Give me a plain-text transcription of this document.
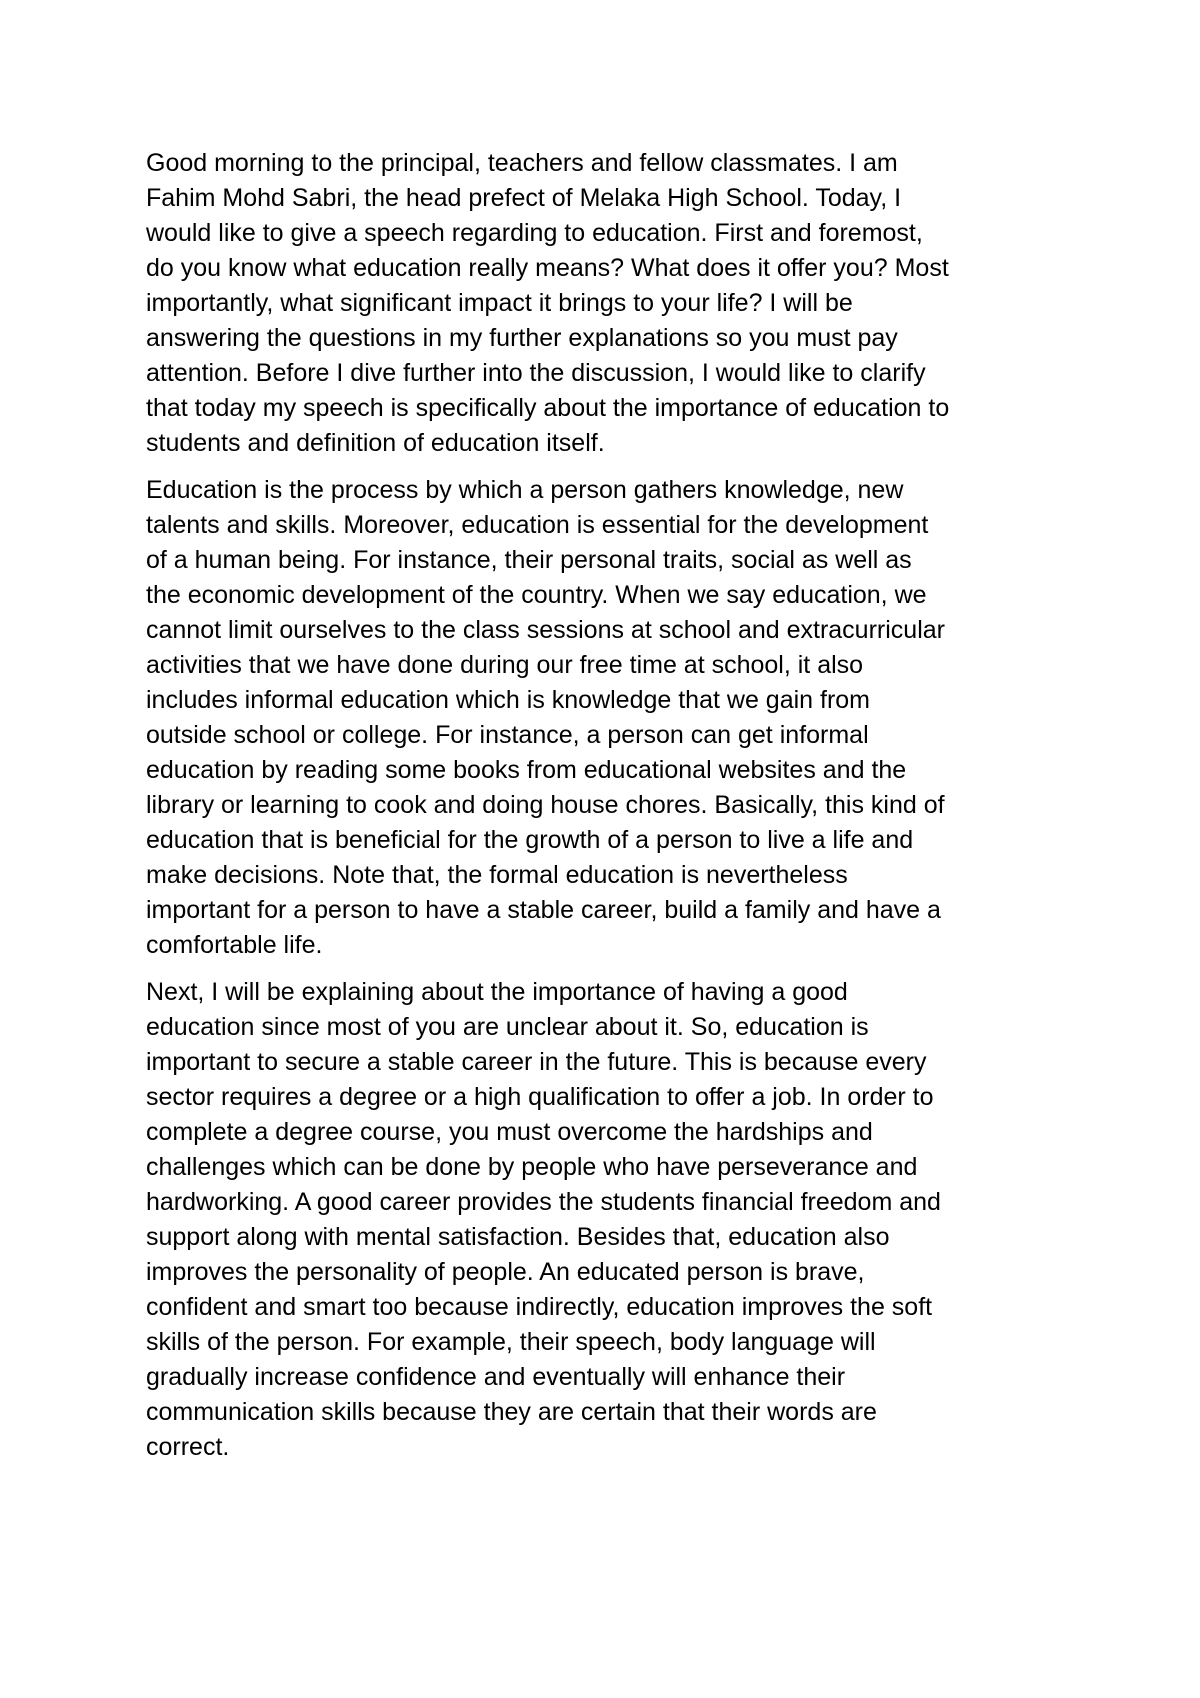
Good morning to the principal, teachers and fellow classmates. I am
Fahim Mohd Sabri, the head prefect of Melaka High School. Today, I
would like to give a speech regarding to education. First and foremost,
do you know what education really means? What does it offer you? Most
importantly, what significant impact it brings to your life? I will be
answering the questions in my further explanations so you must pay
attention. Before I dive further into the discussion, I would like to clarify
that today my speech is specifically about the importance of education to
students and definition of education itself.

Education is the process by which a person gathers knowledge, new
talents and skills. Moreover, education is essential for the development
of a human being. For instance, their personal traits, social as well as
the economic development of the country. When we say education, we
cannot limit ourselves to the class sessions at school and extracurricular
activities that we have done during our free time at school, it also
includes informal education which is knowledge that we gain from
outside school or college. For instance, a person can get informal
education by reading some books from educational websites and the
library or learning to cook and doing house chores. Basically, this kind of
education that is beneficial for the growth of a person to live a life and
make decisions. Note that, the formal education is nevertheless
important for a person to have a stable career, build a family and have a
comfortable life.

Next, I will be explaining about the importance of having a good
education since most of you are unclear about it. So, education is
important to secure a stable career in the future. This is because every
sector requires a degree or a high qualification to offer a job. In order to
complete a degree course, you must overcome the hardships and
challenges which can be done by people who have perseverance and
hardworking. A good career provides the students financial freedom and
support along with mental satisfaction. Besides that, education also
improves the personality of people. An educated person is brave,
confident and smart too because indirectly, education improves the soft
skills of the person. For example, their speech, body language will
gradually increase confidence and eventually will enhance their
communication skills because they are certain that their words are
correct.
